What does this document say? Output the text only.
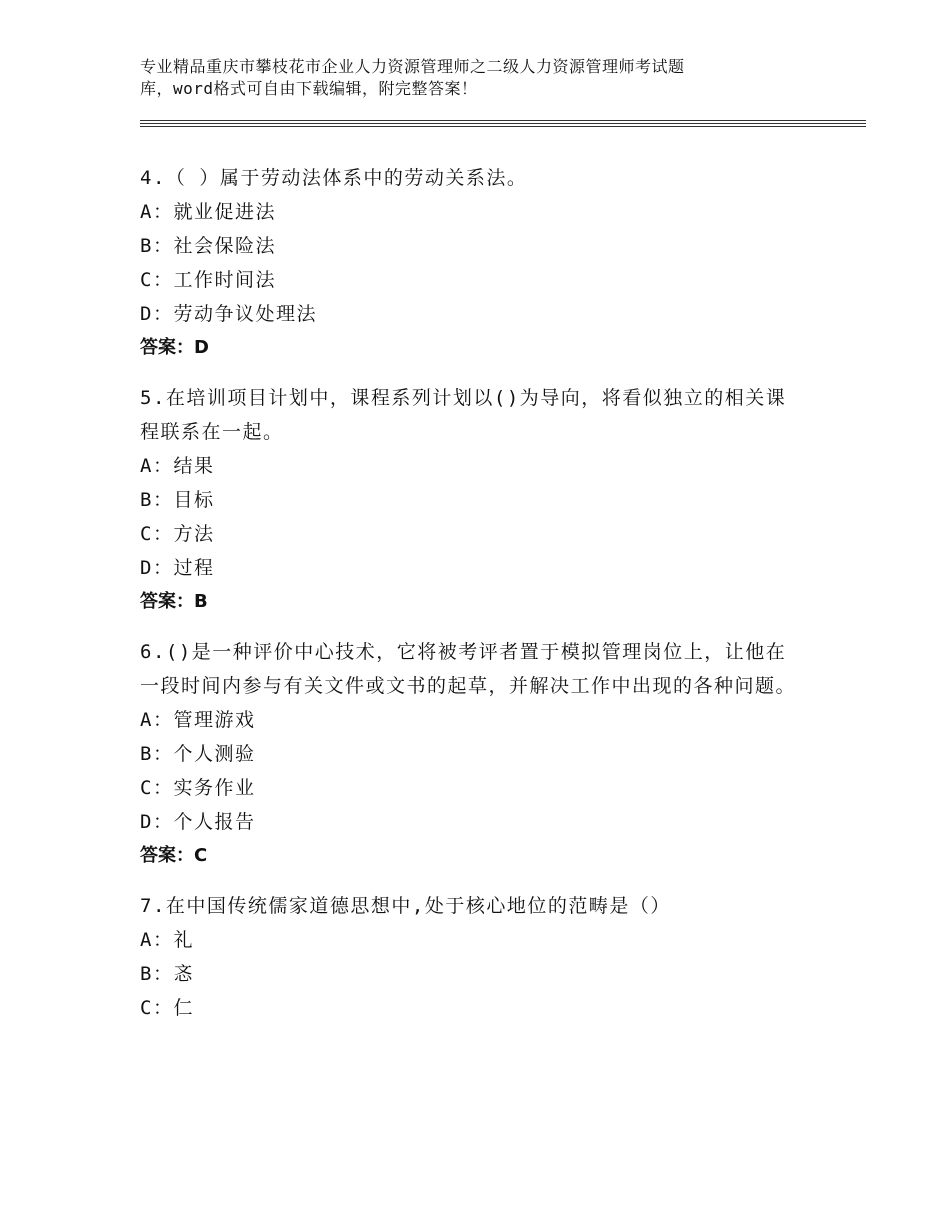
专业精品重庆市攀枝花市企业人力资源管理师之二级人力资源管理师考试题
库，word格式可自由下载编辑，附完整答案！

4.（ ）属于劳动法体系中的劳动关系法。

A：就业促进法

B：社会保险法

C：工作时间法

D：劳动争议处理法

答案：D

5.在培训项目计划中，课程系列计划以()为导向，将看似独立的相关课程联系在一起。

A：结果

B：目标

C：方法

D：过程

答案：B

6.()是一种评价中心技术，它将被考评者置于模拟管理岗位上，让他在一段时间内参与有关文件或文书的起草，并解决工作中出现的各种问题。

A：管理游戏

B：个人测验

C：实务作业

D：个人报告

答案：C

7.在中国传统儒家道德思想中,处于核心地位的范畴是（）

A：礼

B：忞

C：仁
